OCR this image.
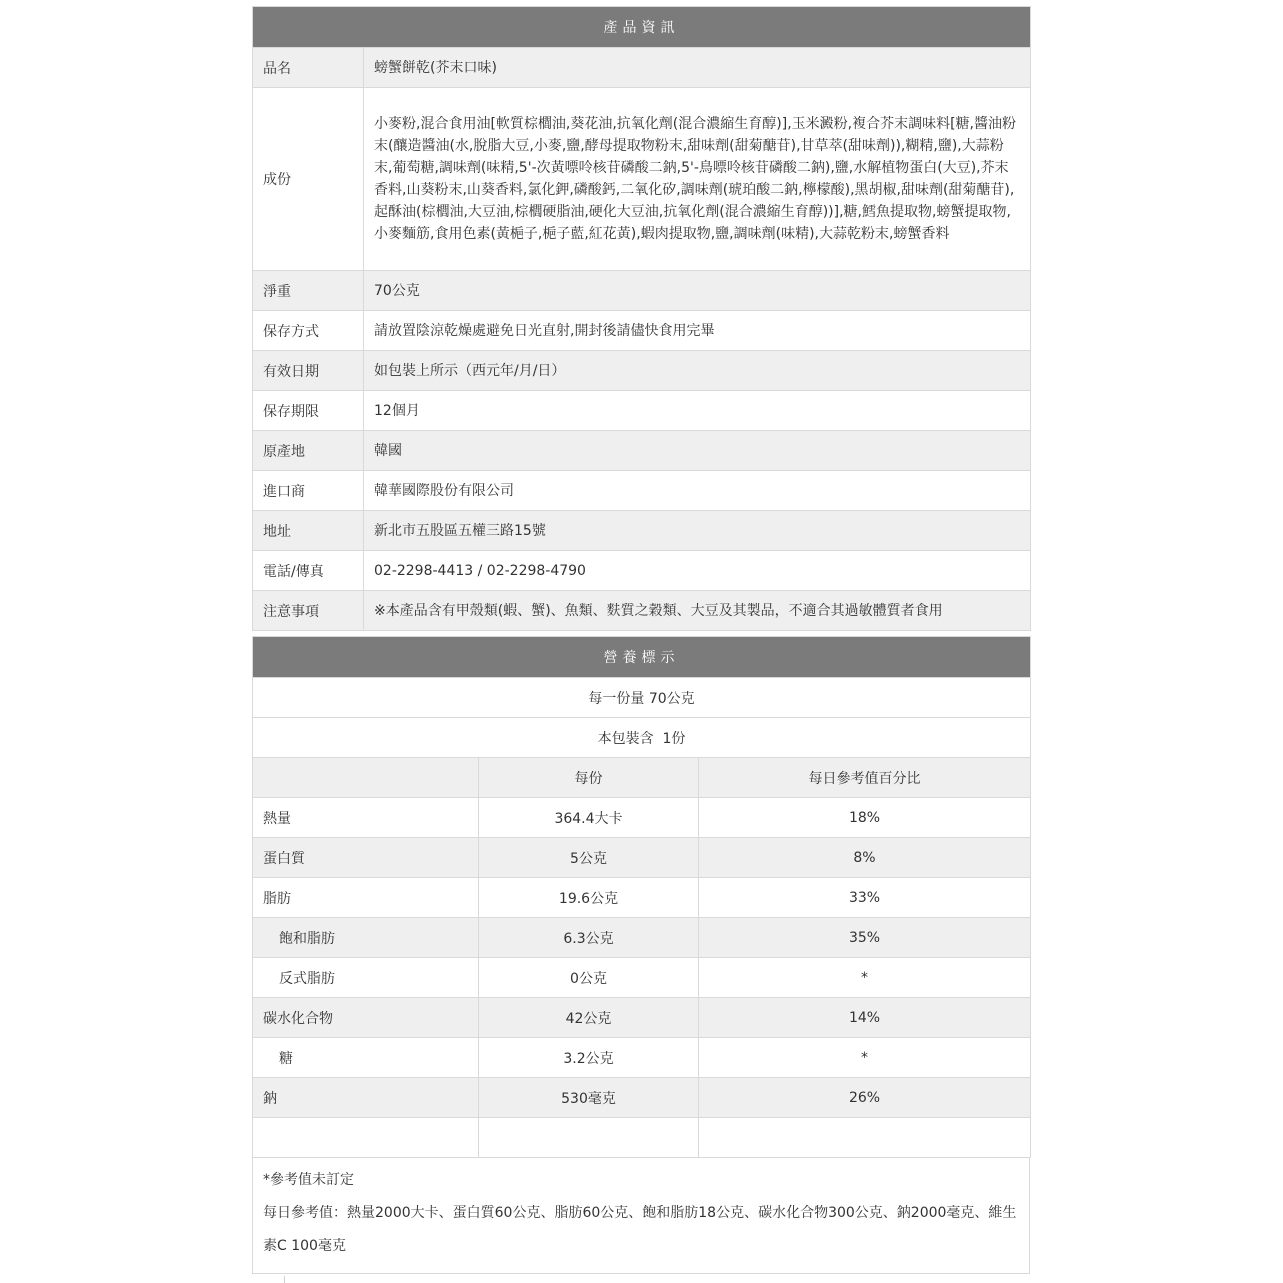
產品資訊	
品名	螃蟹餅乾(芥末口味)
成份	小麥粉,混合食用油[軟質棕櫚油,葵花油,抗氧化劑(混合濃縮生育醇)],玉米澱粉,複合芥末調味料[糖,醬油粉末(釀造醬油(水,脫脂大豆,小麥,鹽,酵母提取物粉末,甜味劑(甜菊醣苷),甘草萃(甜味劑)),糊精,鹽),大蒜粉末,葡萄糖,調味劑(味精,5'-次黃嘌呤核苷磷酸二鈉,5'-鳥嘌呤核苷磷酸二鈉),鹽,水解植物蛋白(大豆),芥末香料,山葵粉末,山葵香料,氯化鉀,磷酸鈣,二氧化矽,調味劑(琥珀酸二鈉,檸檬酸),黑胡椒,甜味劑(甜菊醣苷),起酥油(棕櫚油,大豆油,棕櫚硬脂油,硬化大豆油,抗氧化劑(混合濃縮生育醇))],糖,鱈魚提取物,螃蟹提取物,小麥麵筋,食用色素(黃梔子,梔子藍,紅花黃),蝦肉提取物,鹽,調味劑(味精),大蒜乾粉末,螃蟹香料
淨重	70公克
保存方式	請放置陰涼乾燥處避免日光直射,開封後請儘快食用完畢
有效日期	如包裝上所示（西元年/月/日）
保存期限	12個月
原產地	韓國
進口商	韓華國際股份有限公司
地址	新北市五股區五權三路15號
電話/傳真	02-2298-4413 / 02-2298-4790
注意事項	※本產品含有甲殼類(蝦、蟹)、魚類、麩質之穀類、大豆及其製品，不適合其過敏體質者食用
營養標示		
每一份量 70公克		
本包裝含  1份		
	每份	每日參考值百分比
熱量	364.4大卡	18%
蛋白質	5公克	8%
脂肪	19.6公克	33%
飽和脂肪	6.3公克	35%
反式脂肪	0公克	*
碳水化合物	42公克	14%
糖	3.2公克	*
鈉	530毫克	26%

*參考值未訂定

每日參考值：熱量2000大卡、蛋白質60公克、脂肪60公克、飽和脂肪18公克、碳水化合物300公克、鈉2000毫克、維生素C 100毫克
